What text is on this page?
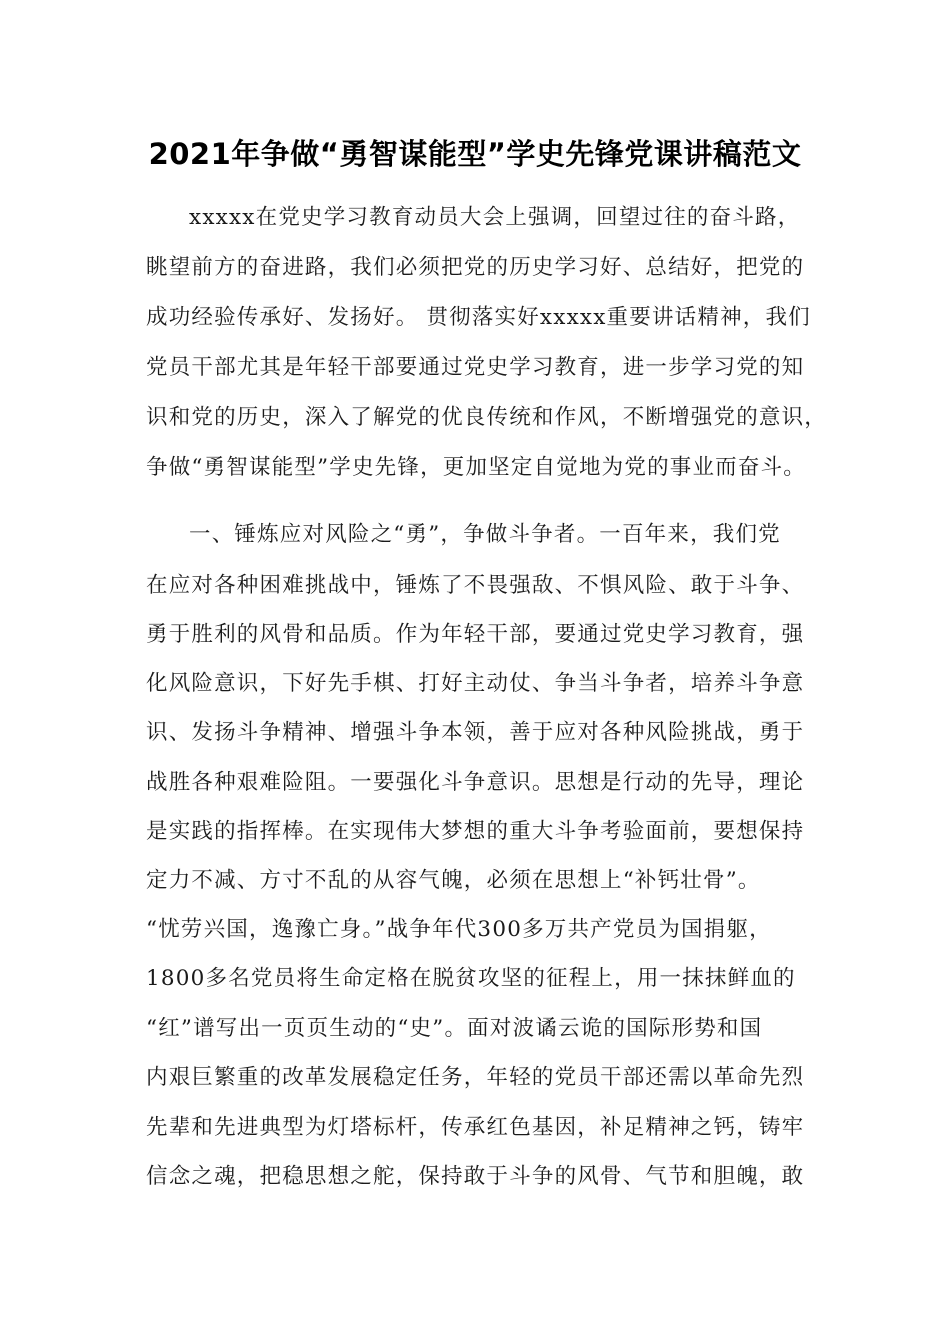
2021年争做“勇智谋能型”学史先锋党课讲稿范文
xxxxx在党史学习教育动员大会上强调，回望过往的奋斗路，
眺望前方的奋进路，我们必须把党的历史学习好、总结好，把党的
成功经验传承好、发扬好。 贯彻落实好xxxxx重要讲话精神，我们
党员干部尤其是年轻干部要通过党史学习教育，进一步学习党的知
识和党的历史，深入了解党的优良传统和作风，不断增强党的意识，
争做“勇智谋能型”学史先锋，更加坚定自觉地为党的事业而奋斗。
一、锤炼应对风险之“勇”，争做斗争者。一百年来，我们党
在应对各种困难挑战中，锤炼了不畏强敌、不惧风险、敢于斗争、
勇于胜利的风骨和品质。作为年轻干部，要通过党史学习教育，强
化风险意识，下好先手棋、打好主动仗、争当斗争者，培养斗争意
识、发扬斗争精神、增强斗争本领，善于应对各种风险挑战，勇于
战胜各种艰难险阻。一要强化斗争意识。思想是行动的先导，理论
是实践的指挥棒。在实现伟大梦想的重大斗争考验面前，要想保持
定力不减、方寸不乱的从容气魄，必须在思想上“补钙壮骨”。
“忧劳兴国，逸豫亡身。”战争年代300多万共产党员为国捐躯，
1800多名党员将生命定格在脱贫攻坚的征程上，用一抹抹鲜血的
“红”谱写出一页页生动的“史”。面对波谲云诡的国际形势和国
内艰巨繁重的改革发展稳定任务，年轻的党员干部还需以革命先烈
先辈和先进典型为灯塔标杆，传承红色基因，补足精神之钙，铸牢
信念之魂，把稳思想之舵，保持敢于斗争的风骨、气节和胆魄，敢
